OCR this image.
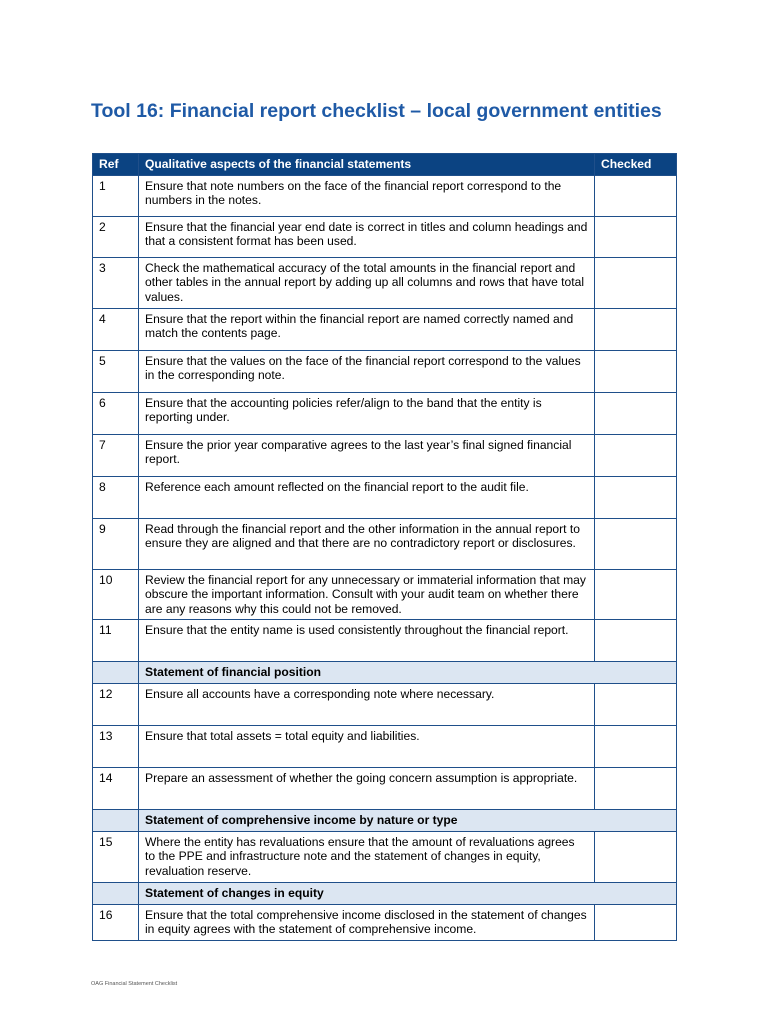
Tool 16: Financial report checklist – local government entities
Ref	Qualitative aspects of the financial statements	Checked
1	Ensure that note numbers on the face of the financial report correspond to the numbers in the notes.	
2	Ensure that the financial year end date is correct in titles and column headings and that a consistent format has been used.	
3	Check the mathematical accuracy of the total amounts in the financial report and other tables in the annual report by adding up all columns and rows that have total values.	
4	Ensure that the report within the financial report are named correctly named and match the contents page.	
5	Ensure that the values on the face of the financial report correspond to the values in the corresponding note.	
6	Ensure that the accounting policies refer/align to the band that the entity is reporting under.	
7	Ensure the prior year comparative agrees to the last year’s final signed financial report.	
8	Reference each amount reflected on the financial report to the audit file.	
9	Read through the financial report and the other information in the annual report to ensure they are aligned and that there are no contradictory report or disclosures.	
10	Review the financial report for any unnecessary or immaterial information that may obscure the important information. Consult with your audit team on whether there are any reasons why this could not be removed.	
11	Ensure that the entity name is used consistently throughout the financial report.	
	Statement of financial position	
12	Ensure all accounts have a corresponding note where necessary.	
13	Ensure that total assets = total equity and liabilities.	
14	Prepare an assessment of whether the going concern assumption is appropriate.	
	Statement of comprehensive income by nature or type	
15	Where the entity has revaluations ensure that the amount of revaluations agrees to the PPE and infrastructure note and the statement of changes in equity, revaluation reserve.	
	Statement of changes in equity	
16	Ensure that the total comprehensive income disclosed in the statement of changes in equity agrees with the statement of comprehensive income.	
OAG Financial Statement Checklist
